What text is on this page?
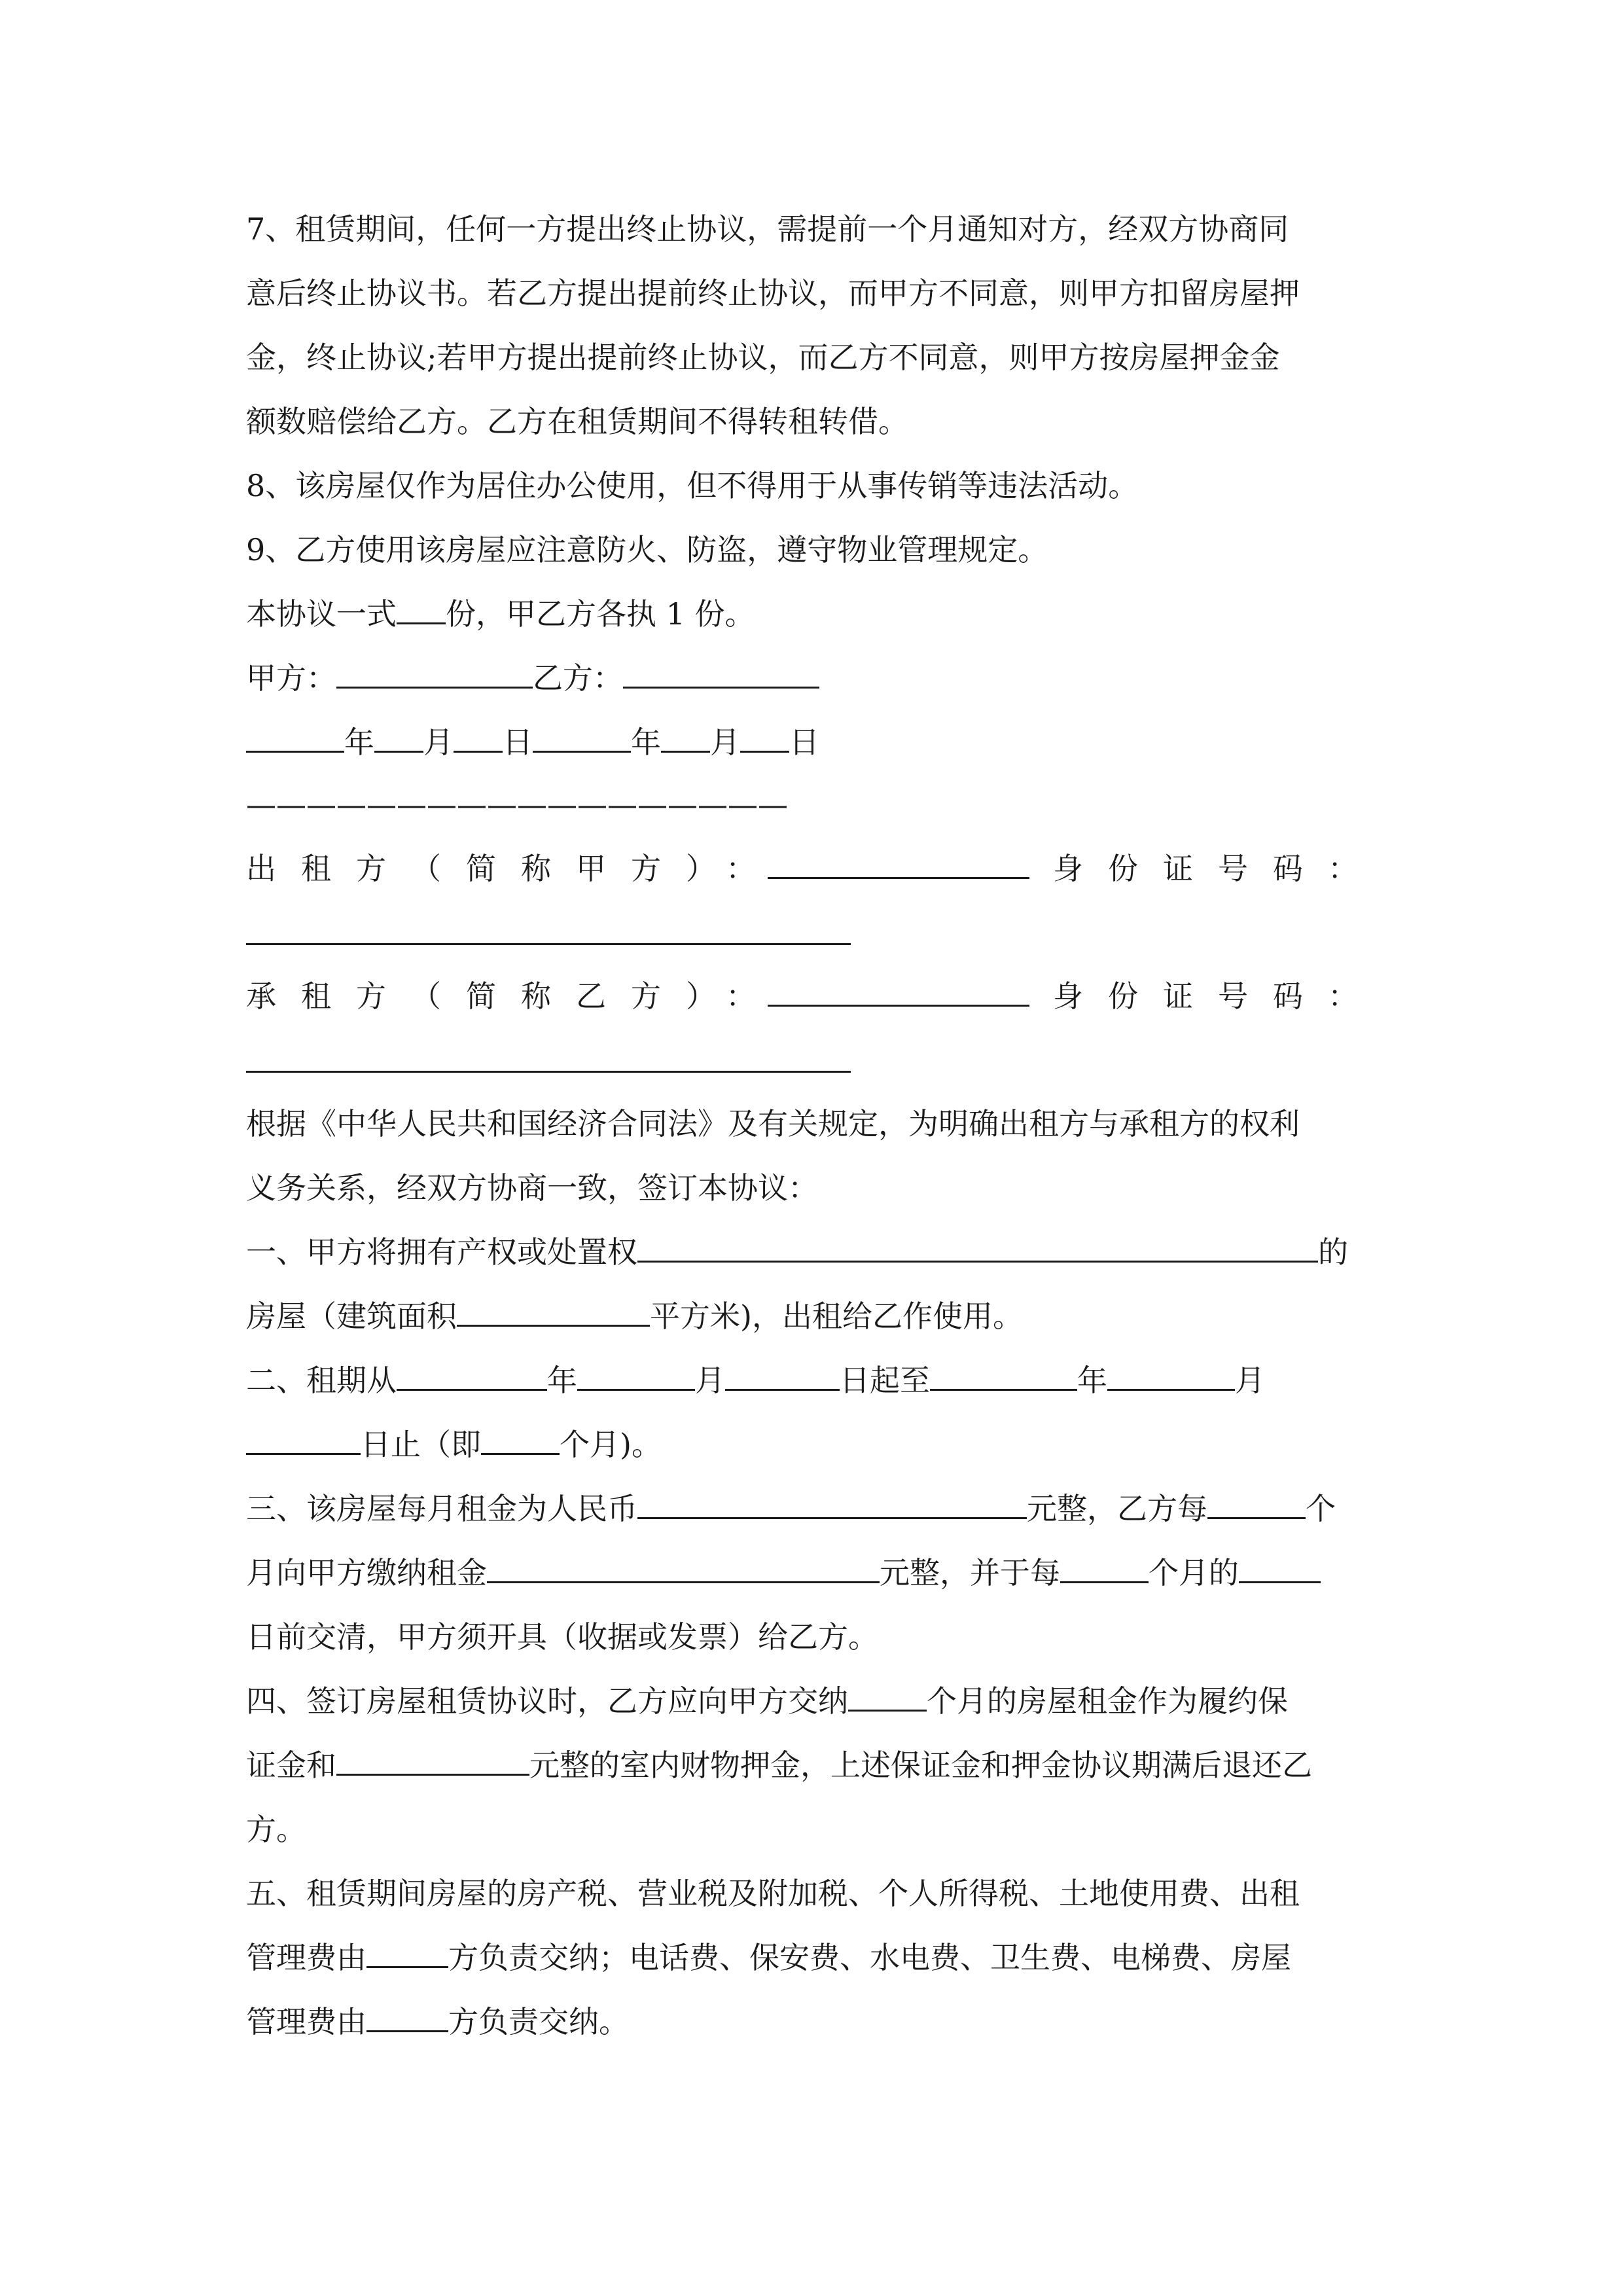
7、租赁期间，任何一方提出终止协议，需提前一个月通知对方，经双方协商同
意后终止协议书。若乙方提出提前终止协议，而甲方不同意，则甲方扣留房屋押
金，终止协议;若甲方提出提前终止协议，而乙方不同意，则甲方按房屋押金金
额数赔偿给乙方。乙方在租赁期间不得转租转借。
8、该房屋仅作为居住办公使用，但不得用于从事传销等违法活动。
9、乙方使用该房屋应注意防火、防盗，遵守物业管理规定。
本协议一式 份，甲乙方各执 1 份。
甲方：	乙方：
年 月 日	年 月 日
——————————————————
出租方（简称甲方）：	身份证号码：
承租方（简称乙方）：	身份证号码：
根据《中华人民共和国经济合同法》及有关规定，为明确出租方与承租方的权利
义务关系，经双方协商一致，签订本协议：
一、甲方将拥有产权或处置权	的
房屋（建筑面积	平方米)，出租给乙作使用。
二、租期从	年	月	日起至	年	月
日止（即	个月)。
三、该房屋每月租金为人民币	元整，乙方每	个
月向甲方缴纳租金	元整，并于每	个月的
日前交清，甲方须开具（收据或发票）给乙方。
四、签订房屋租赁协议时，乙方应向甲方交纳	个月的房屋租金作为履约保
证金和	元整的室内财物押金，上述保证金和押金协议期满后退还乙
方。
五、租赁期间房屋的房产税、营业税及附加税、个人所得税、土地使用费、出租
管理费由	方负责交纳；电话费、保安费、水电费、卫生费、电梯费、房屋
管理费由	方负责交纳。
